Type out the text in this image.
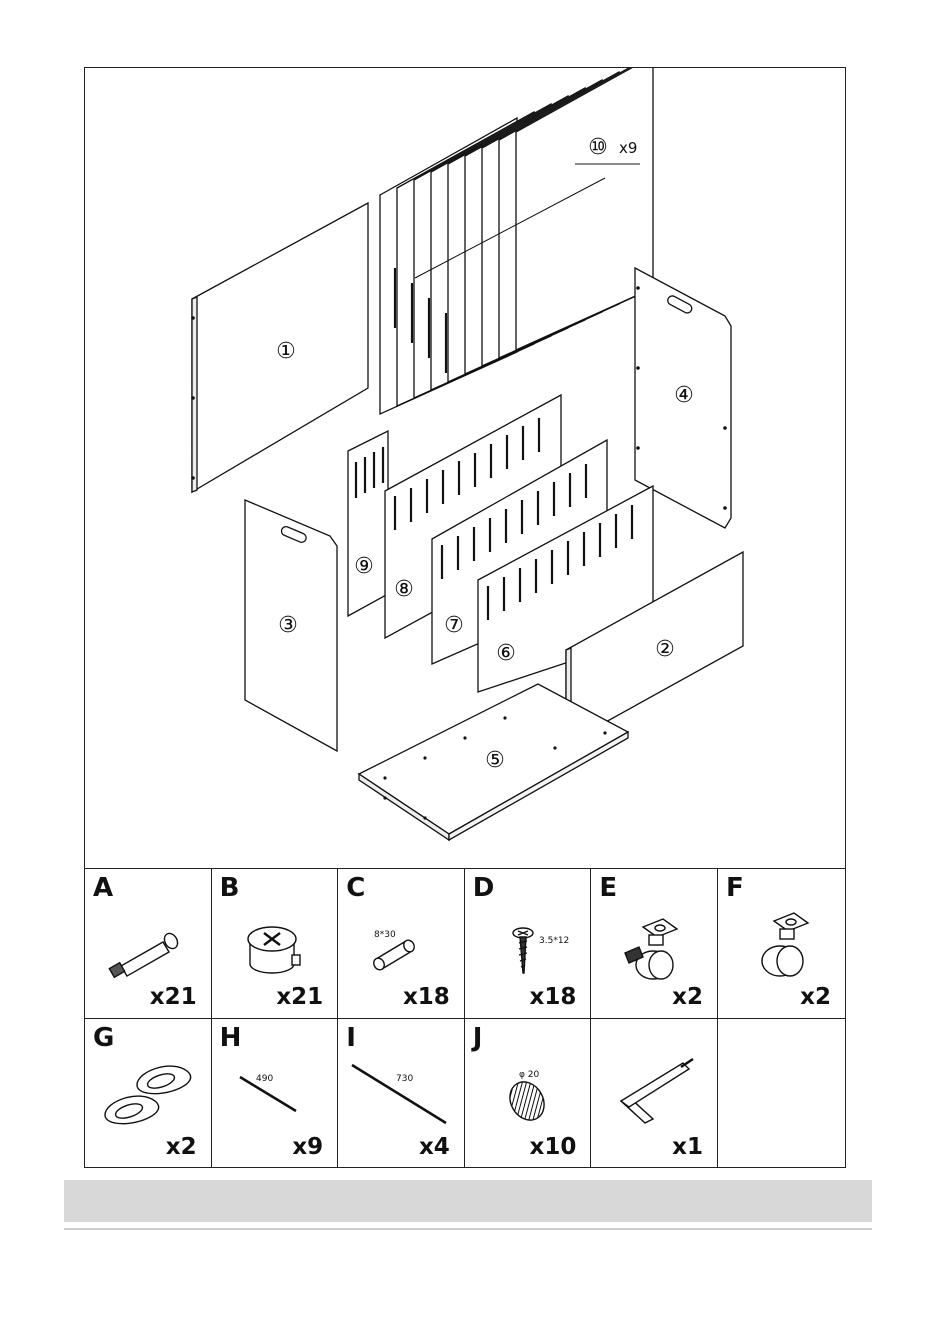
①
②
③
④
⑤
⑥
⑦
⑧
⑨
⑩ x9
A
x21
B
x21
8*30
C
x18
3.5*12
D
x18
E
x2
F
x2
G
x2
490
H
x9
730
I
x4
φ 20
J
x10	x1
